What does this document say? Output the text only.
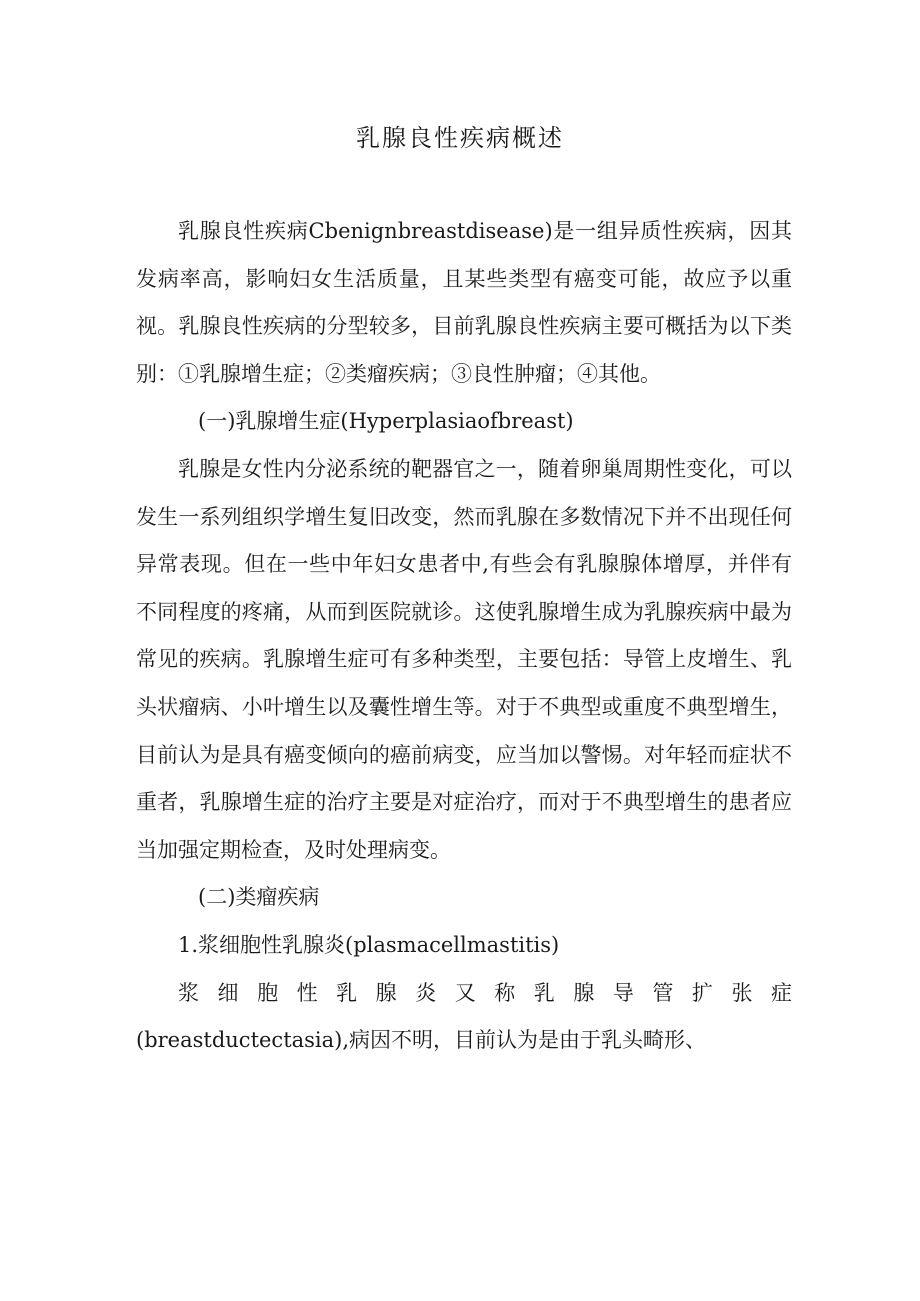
乳腺良性疾病概述

乳腺良性疾病Cbenignbreastdisease)是一组异质性疾病，因其发病率高，影响妇女生活质量，且某些类型有癌变可能，故应予以重视。乳腺良性疾病的分型较多，目前乳腺良性疾病主要可概括为以下类别：①乳腺增生症；②类瘤疾病；③良性肿瘤；④其他。

(一)乳腺增生症(Hyperplasiaofbreast)

乳腺是女性内分泌系统的靶器官之一，随着卵巢周期性变化，可以发生一系列组织学增生复旧改变，然而乳腺在多数情况下并不出现任何异常表现。但在一些中年妇女患者中,有些会有乳腺腺体增厚，并伴有不同程度的疼痛，从而到医院就诊。这使乳腺增生成为乳腺疾病中最为常见的疾病。乳腺增生症可有多种类型，主要包括：导管上皮增生、乳头状瘤病、小叶增生以及囊性增生等。对于不典型或重度不典型增生，目前认为是具有癌变倾向的癌前病变，应当加以警惕。对年轻而症状不重者，乳腺增生症的治疗主要是对症治疗，而对于不典型增生的患者应当加强定期检查，及时处理病变。

(二)类瘤疾病

1.浆细胞性乳腺炎(plasmacellmastitis)

浆细胞性乳腺炎又称乳腺导管扩张症

(breastductectasia),病因不明，目前认为是由于乳头畸形、
